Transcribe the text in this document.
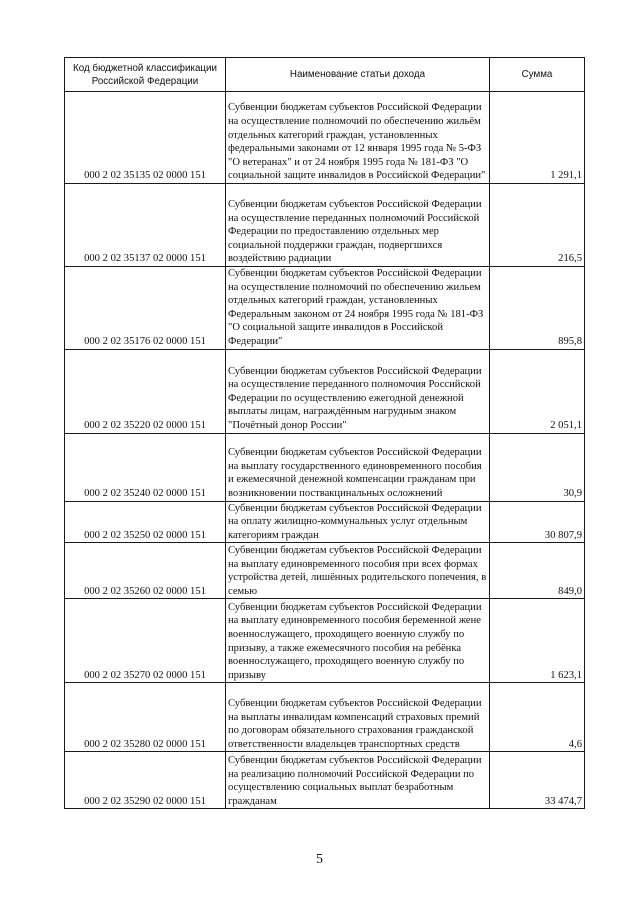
Код бюджетной классификации Российской Федерации	Наименование статьи дохода	Сумма
000 2 02 35135 02 0000 151	Субвенции бюджетам субъектов Российской Федерации на осуществление полномочий по обеспечению жильём отдельных категорий граждан, установленных федеральными законами от 12 января 1995 года № 5-ФЗ "О ветеранах" и от 24 ноября 1995 года № 181-ФЗ "О социальной защите инвалидов в Российской Федерации"	1 291,1
000 2 02 35137 02 0000 151	Субвенции бюджетам субъектов Российской Федерации на осуществление переданных полномочий Российской Федерации по предоставлению отдельных мер социальной поддержки граждан, подвергшихся воздействию радиации	216,5
000 2 02 35176 02 0000 151	Субвенции бюджетам субъектов Российской Федерации на осуществление полномочий по обеспечению жильем отдельных категорий граждан, установленных Федеральным законом от 24 ноября 1995 года № 181-ФЗ "О социальной защите инвалидов в Российской Федерации"	895,8
000 2 02 35220 02 0000 151	Субвенции бюджетам субъектов Российской Федерации на осуществление переданного полномочия Российской Федерации по осуществлению ежегодной денежной выплаты лицам, награждённым нагрудным знаком "Почётный донор России"	2 051,1
000 2 02 35240 02 0000 151	Субвенции бюджетам субъектов Российской Федерации на выплату государственного единовременного пособия и ежемесячной денежной компенсации гражданам при возникновении поствакцинальных осложнений	30,9
000 2 02 35250 02 0000 151	Субвенции бюджетам субъектов Российской Федерации на оплату жилищно-коммунальных услуг отдельным категориям граждан	30 807,9
000 2 02 35260 02 0000 151	Субвенции бюджетам субъектов Российской Федерации на выплату единовременного пособия при всех формах устройства детей, лишённых родительского попечения, в семью	849,0
000 2 02 35270 02 0000 151	Субвенции бюджетам субъектов Российской Федерации на выплату единовременного пособия беременной жене военнослужащего, проходящего военную службу по призыву, а также ежемесячного пособия на ребёнка военнослужащего, проходящего военную службу по призыву	1 623,1
000 2 02 35280 02 0000 151	Субвенции бюджетам субъектов Российской Федерации на выплаты инвалидам компенсаций страховых премий по договорам обязательного страхования гражданской ответственности владельцев транспортных средств	4,6
000 2 02 35290 02 0000 151	Субвенции бюджетам субъектов Российской Федерации на реализацию полномочий Российской Федерации по осуществлению социальных выплат безработным гражданам	33 474,7
5
